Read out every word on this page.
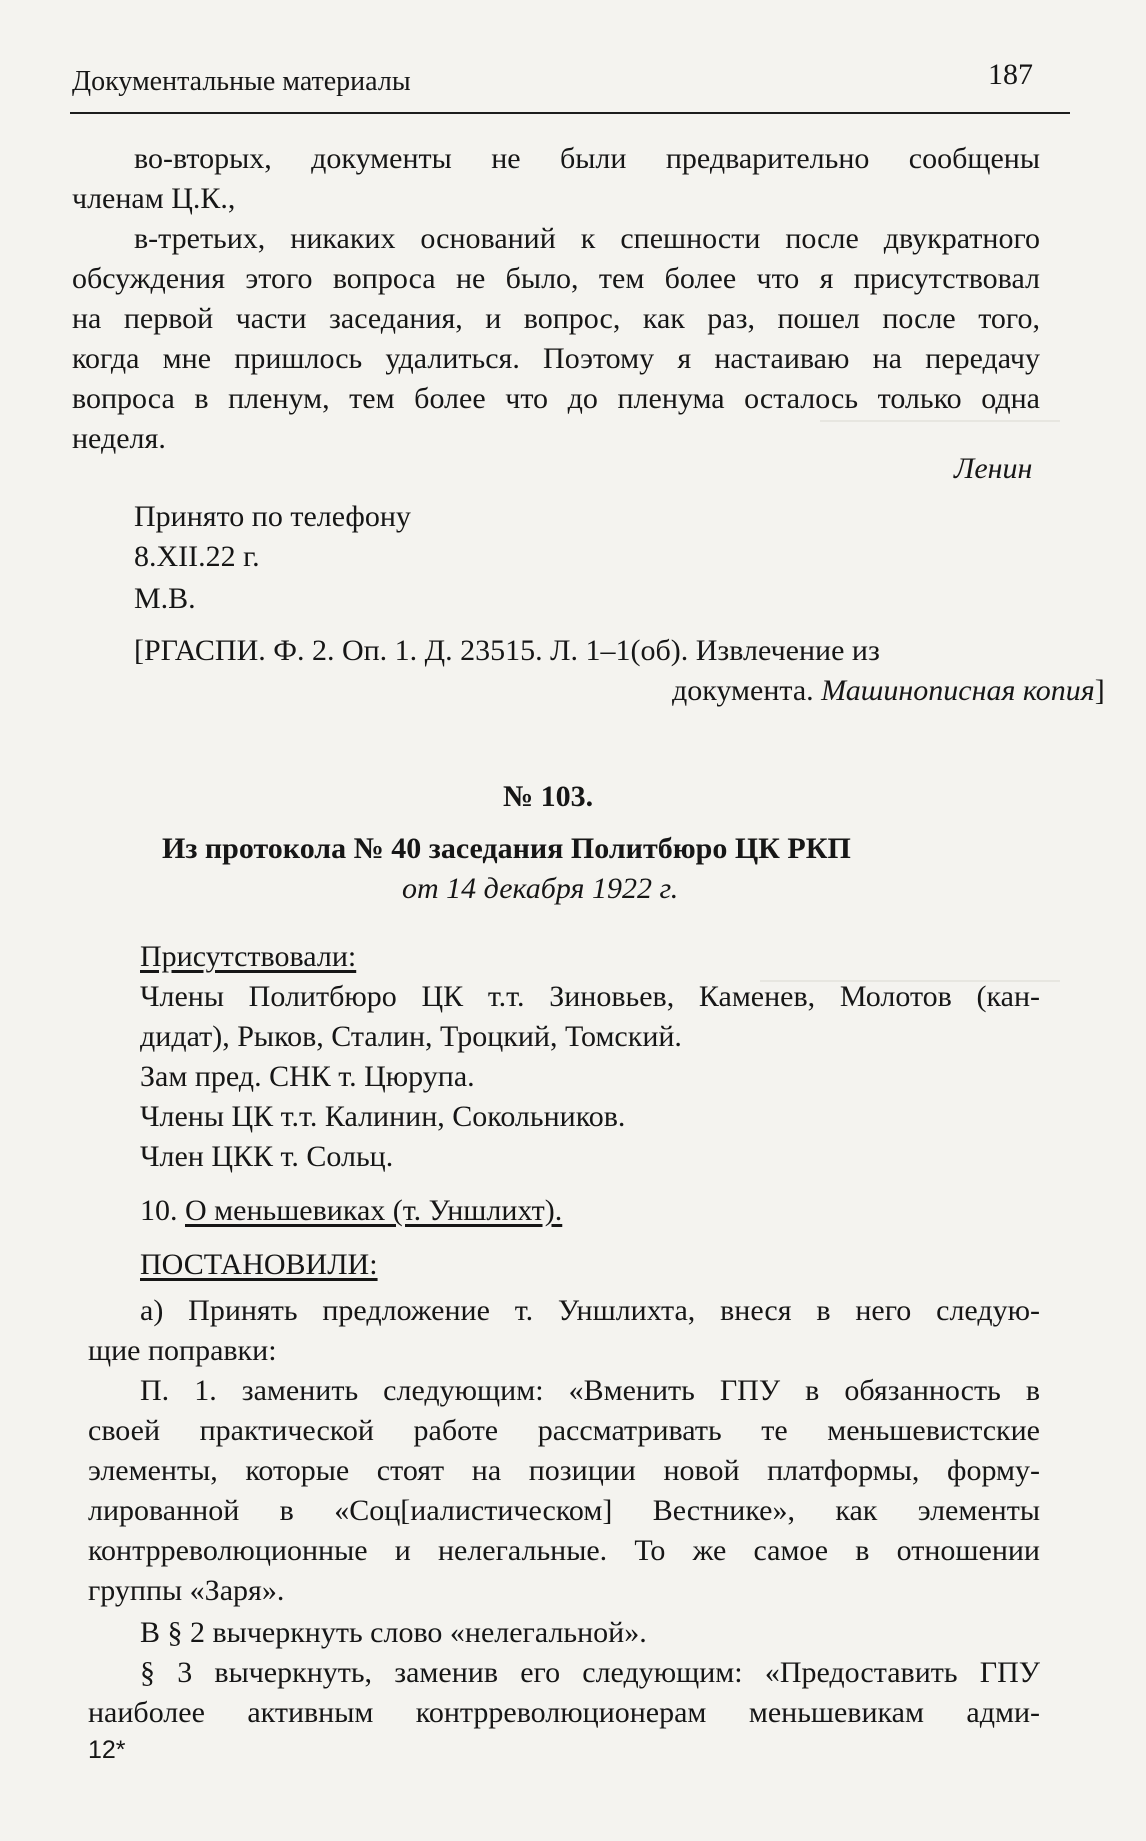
Документальные материалы	187
во-вторых, документы не были предварительно сообщены
членам Ц.К.,
в-третьих, никаких оснований к спешности после двукратного
обсуждения этого вопроса не было, тем более что я присутствовал
на первой части заседания, и вопрос, как раз, пошел после того,
когда мне пришлось удалиться. Поэтому я настаиваю на передачу
вопроса в пленум, тем более что до пленума осталось только одна
неделя.
Ленин
Принято по телефону
8.XII.22 г.
М.В.
[РГАСПИ. Ф. 2. Оп. 1. Д. 23515. Л. 1–1(об). Извлечение из
документа. Машинописная копия]
№ 103.
Из протокола № 40 заседания Политбюро ЦК РКП
от 14 декабря 1922 г.
Присутствовали:
Члены Политбюро ЦК т.т. Зиновьев, Каменев, Молотов (кан-
дидат), Рыков, Сталин, Троцкий, Томский.
Зам пред. СНК т. Цюрупа.
Члены ЦК т.т. Калинин, Сокольников.
Член ЦКК т. Сольц.
10. О меньшевиках (т. Уншлихт).
ПОСТАНОВИЛИ:
а) Принять предложение т. Уншлихта, внеся в него следую-
щие поправки:
П. 1. заменить следующим: «Вменить ГПУ в обязанность в
своей практической работе рассматривать те меньшевистские
элементы, которые стоят на позиции новой платформы, форму-
лированной в «Соц[иалистическом] Вестнике», как элементы
контрреволюционные и нелегальные. То же самое в отношении
группы «Заря».
В § 2 вычеркнуть слово «нелегальной».
§ 3 вычеркнуть, заменив его следующим: «Предоставить ГПУ
наиболее активным контрреволюционерам меньшевикам адми-
12*
